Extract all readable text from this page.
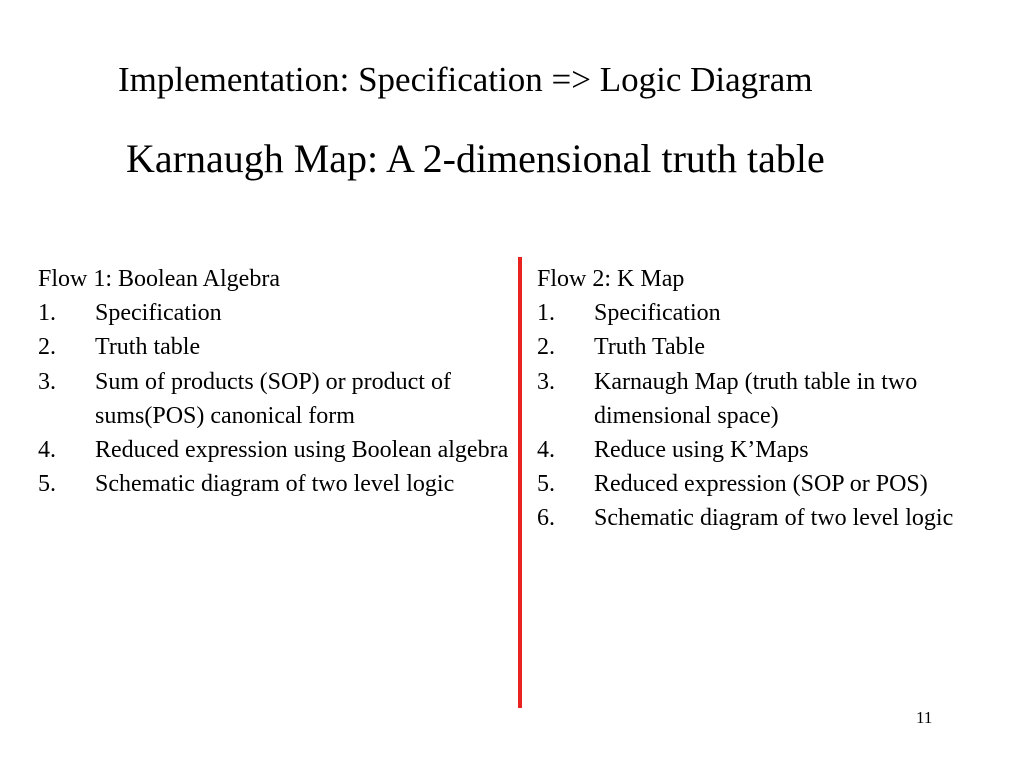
Implementation: Specification => Logic Diagram
Karnaugh Map: A 2-dimensional truth table
Flow 1: Boolean Algebra
1. Specification
2. Truth table
3. Sum of products (SOP) or product of sums(POS) canonical form
4. Reduced expression using Boolean algebra
5. Schematic diagram of two level logic
Flow 2: K Map
1. Specification
2. Truth Table
3. Karnaugh Map (truth table in two dimensional space)
4. Reduce using K’Maps
5. Reduced expression (SOP or POS)
6. Schematic diagram of two level logic
11
